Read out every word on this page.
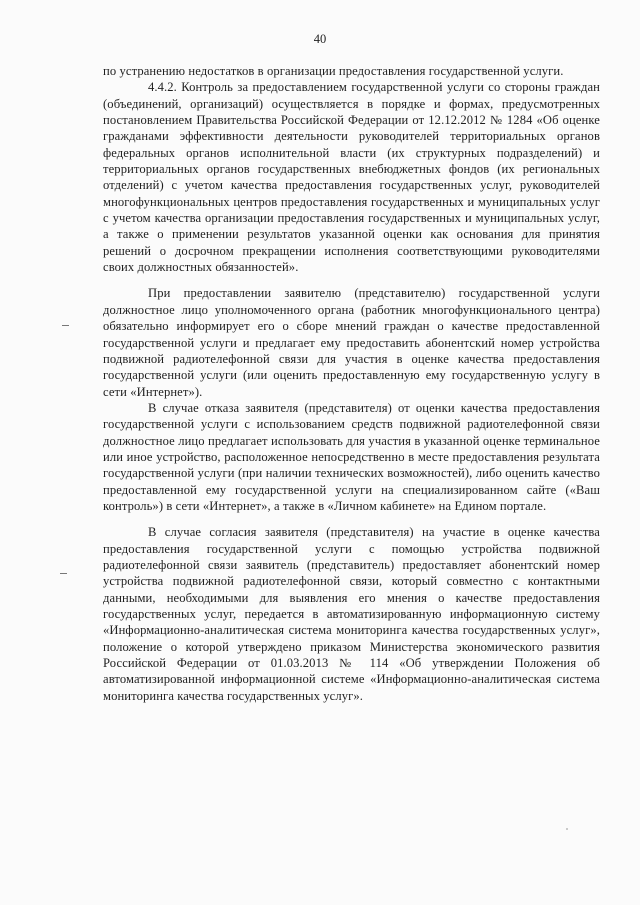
40

по устранению недостатков в организации предоставления государственной услуги.

4.4.2. Контроль за предоставлением государственной услуги со стороны граждан (объединений, организаций) осуществляется в порядке и формах, предусмотренных постановлением Правительства Российской Федерации от 12.12.2012 № 1284 «Об оценке гражданами эффективности деятельности руководителей территориальных органов федеральных органов исполнительной власти (их структурных подразделений) и территориальных органов государственных внебюджетных фондов (их региональных отделений) с учетом качества предоставления государственных услуг, руководителей многофункциональных центров предоставления государственных и муниципальных услуг с учетом качества организации предоставления государственных и муниципальных услуг, а также о применении результатов указанной оценки как основания для принятия решений о досрочном прекращении исполнения соответствующими руководителями своих должностных обязанностей».

При предоставлении заявителю (представителю) государственной услуги должностное лицо уполномоченного органа (работник многофункционального центра) обязательно информирует его о сборе мнений граждан о качестве предоставленной государственной услуги и предлагает ему предоставить абонентский номер устройства подвижной радиотелефонной связи для участия в оценке качества предоставления государственной услуги (или оценить предоставленную ему государственную услугу в сети «Интернет»).

В случае отказа заявителя (представителя) от оценки качества предоставления государственной услуги с использованием средств подвижной радиотелефонной связи должностное лицо предлагает использовать для участия в указанной оценке терминальное или иное устройство, расположенное непосредственно в месте предоставления результата государственной услуги (при наличии технических возможностей), либо оценить качество предоставленной ему государственной услуги на специализированном сайте («Ваш контроль») в сети «Интернет», а также в «Личном кабинете» на Едином портале.

В случае согласия заявителя (представителя) на участие в оценке качества предоставления государственной услуги с помощью устройства подвижной радиотелефонной связи заявитель (представитель) предоставляет абонентский номер устройства подвижной радиотелефонной связи, который совместно с контактными данными, необходимыми для выявления его мнения о качестве предоставления государственных услуг, передается в автоматизированную информационную систему «Информационно-аналитическая система мониторинга качества государственных услуг», положение о которой утверждено приказом Министерства экономического развития Российской Федерации от 01.03.2013 № 114 «Об утверждении Положения об автоматизированной информационной системе «Информационно-аналитическая система мониторинга качества государственных услуг».
